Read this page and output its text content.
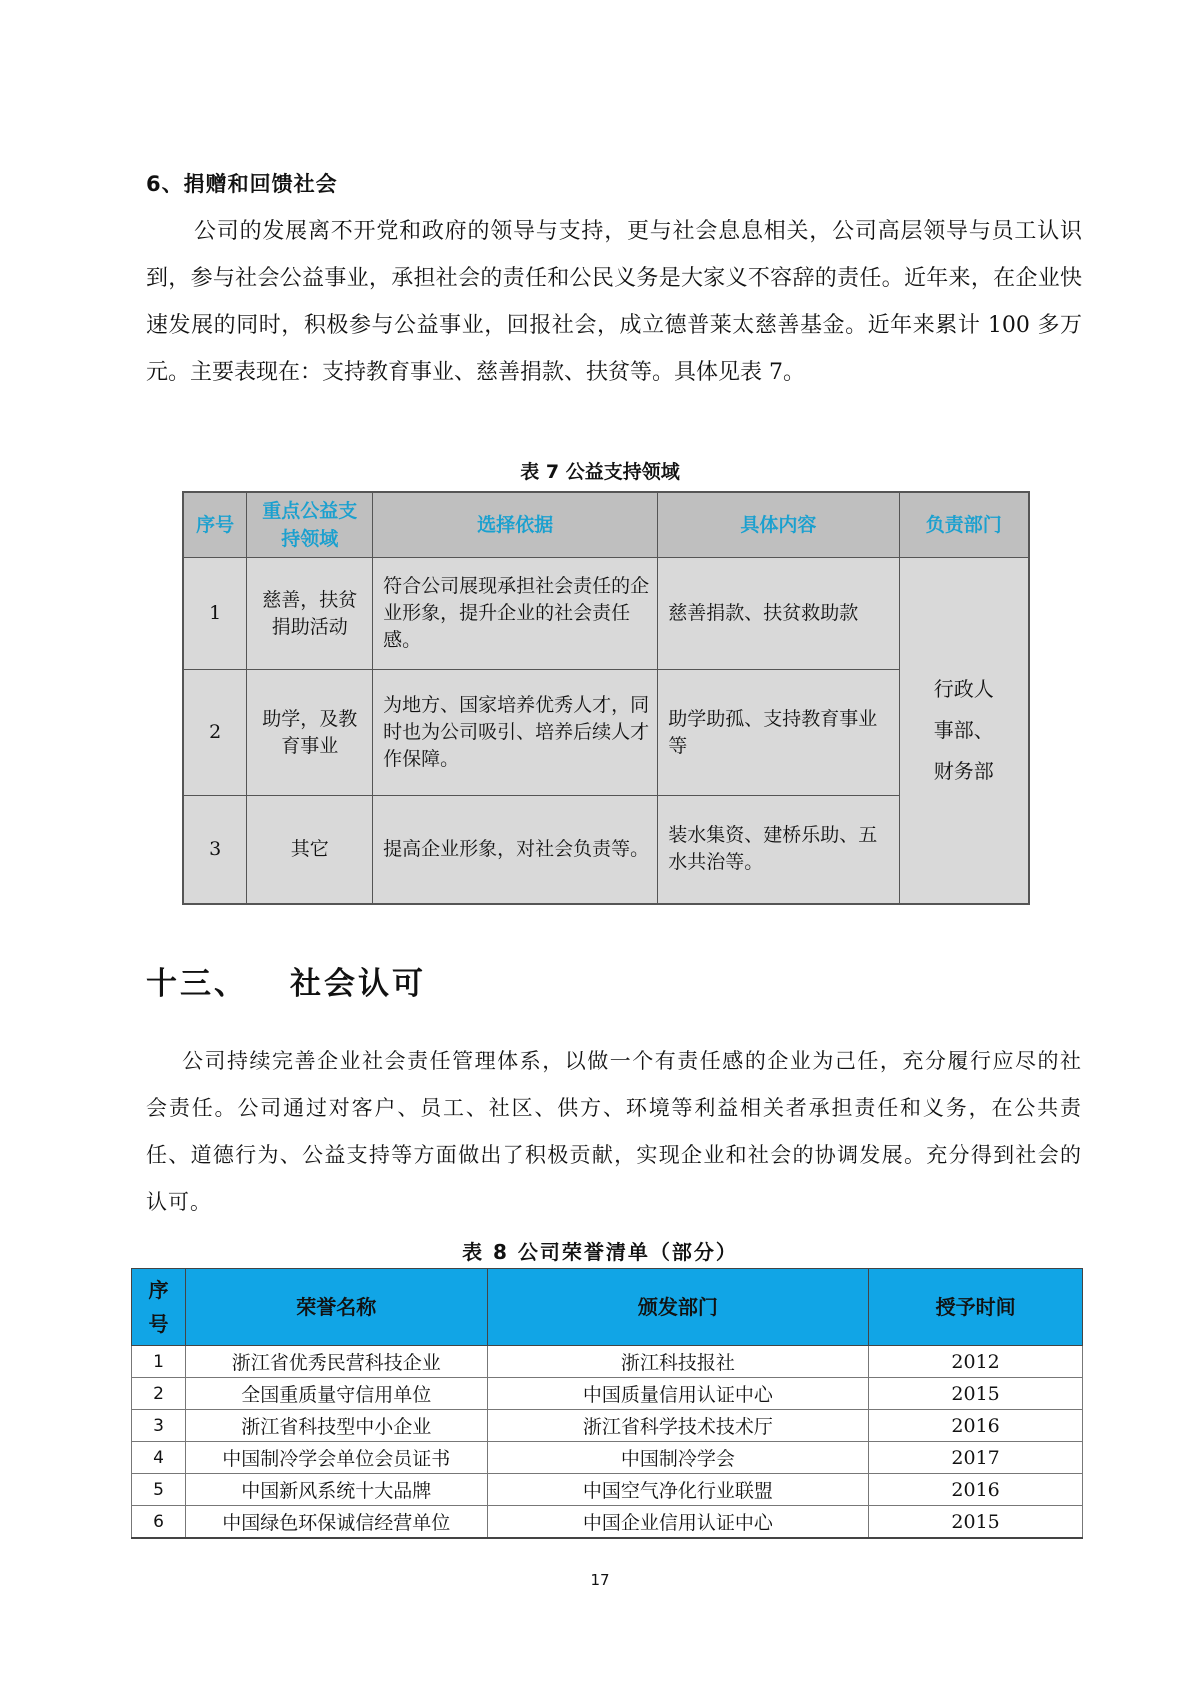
6、捐赠和回馈社会
公司的发展离不开党和政府的领导与支持，更与社会息息相关，公司高层领导与员工认识到，参与社会公益事业，承担社会的责任和公民义务是大家义不容辞的责任。近年来，在企业快速发展的同时，积极参与公益事业，回报社会，成立德普莱太慈善基金。近年来累计 100 多万元。主要表现在：支持教育事业、慈善捐款、扶贫等。具体见表 7。
表 7 公益支持领域
序号	重点公益支持领域	选择依据	具体内容	负责部门
1	慈善，扶贫捐助活动	符合公司展现承担社会责任的企业形象，提升企业的社会责任感。	慈善捐款、扶贫救助款	行政人事部、财务部
2	助学，及教育事业	为地方、国家培养优秀人才，同时也为公司吸引、培养后续人才作保障。	助学助孤、支持教育事业等	
3	其它	提高企业形象，对社会负责等。	装水集资、建桥乐助、五水共治等。	
十三、 社会认可
公司持续完善企业社会责任管理体系，以做一个有责任感的企业为己任，充分履行应尽的社会责任。公司通过对客户、员工、社区、供方、环境等利益相关者承担责任和义务，在公共责任、道德行为、公益支持等方面做出了积极贡献，实现企业和社会的协调发展。充分得到社会的认可。
表 8 公司荣誉清单（部分）
序号	荣誉名称	颁发部门	授予时间
1	浙江省优秀民营科技企业	浙江科技报社	2012
2	全国重质量守信用单位	中国质量信用认证中心	2015
3	浙江省科技型中小企业	浙江省科学技术技术厅	2016
4	中国制冷学会单位会员证书	中国制冷学会	2017
5	中国新风系统十大品牌	中国空气净化行业联盟	2016
6	中国绿色环保诚信经营单位	中国企业信用认证中心	2015
17
